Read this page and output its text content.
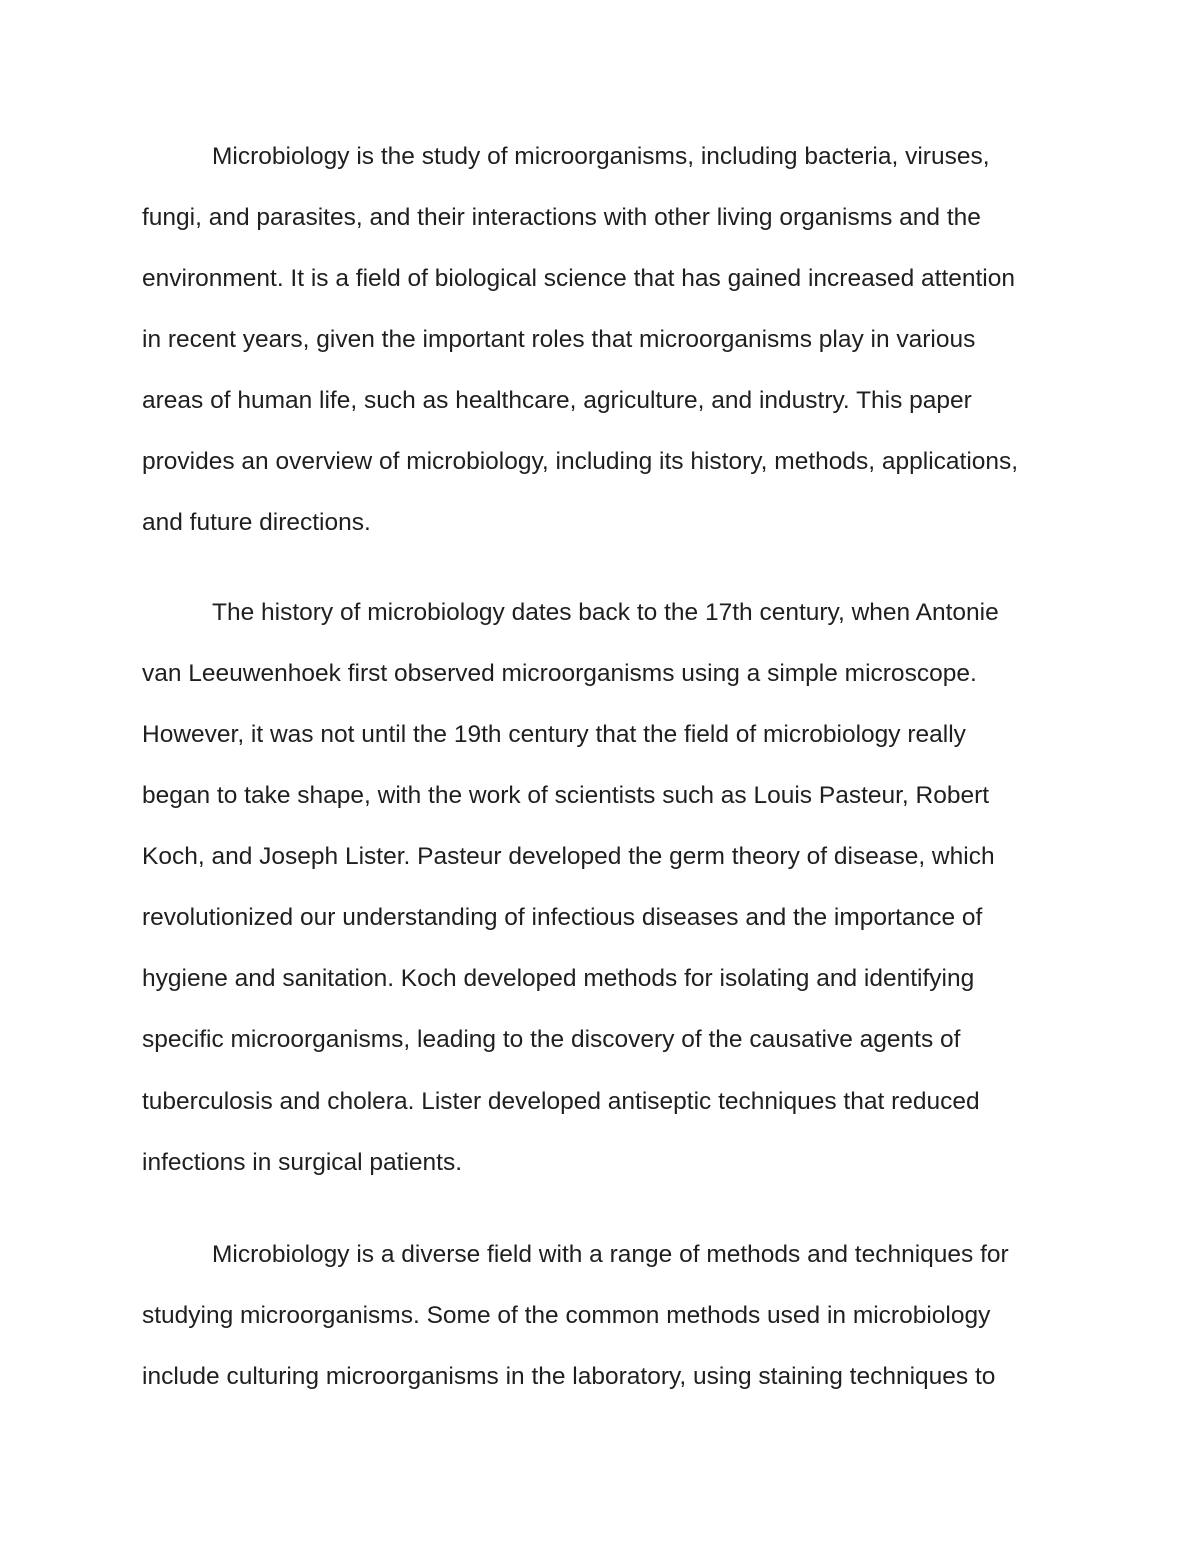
Microbiology is the study of microorganisms, including bacteria, viruses,

fungi, and parasites, and their interactions with other living organisms and the

environment. It is a field of biological science that has gained increased attention

in recent years, given the important roles that microorganisms play in various

areas of human life, such as healthcare, agriculture, and industry. This paper

provides an overview of microbiology, including its history, methods, applications,

and future directions.

The history of microbiology dates back to the 17th century, when Antonie

van Leeuwenhoek first observed microorganisms using a simple microscope.

However, it was not until the 19th century that the field of microbiology really

began to take shape, with the work of scientists such as Louis Pasteur, Robert

Koch, and Joseph Lister. Pasteur developed the germ theory of disease, which

revolutionized our understanding of infectious diseases and the importance of

hygiene and sanitation. Koch developed methods for isolating and identifying

specific microorganisms, leading to the discovery of the causative agents of

tuberculosis and cholera. Lister developed antiseptic techniques that reduced

infections in surgical patients.

Microbiology is a diverse field with a range of methods and techniques for

studying microorganisms. Some of the common methods used in microbiology

include culturing microorganisms in the laboratory, using staining techniques to
